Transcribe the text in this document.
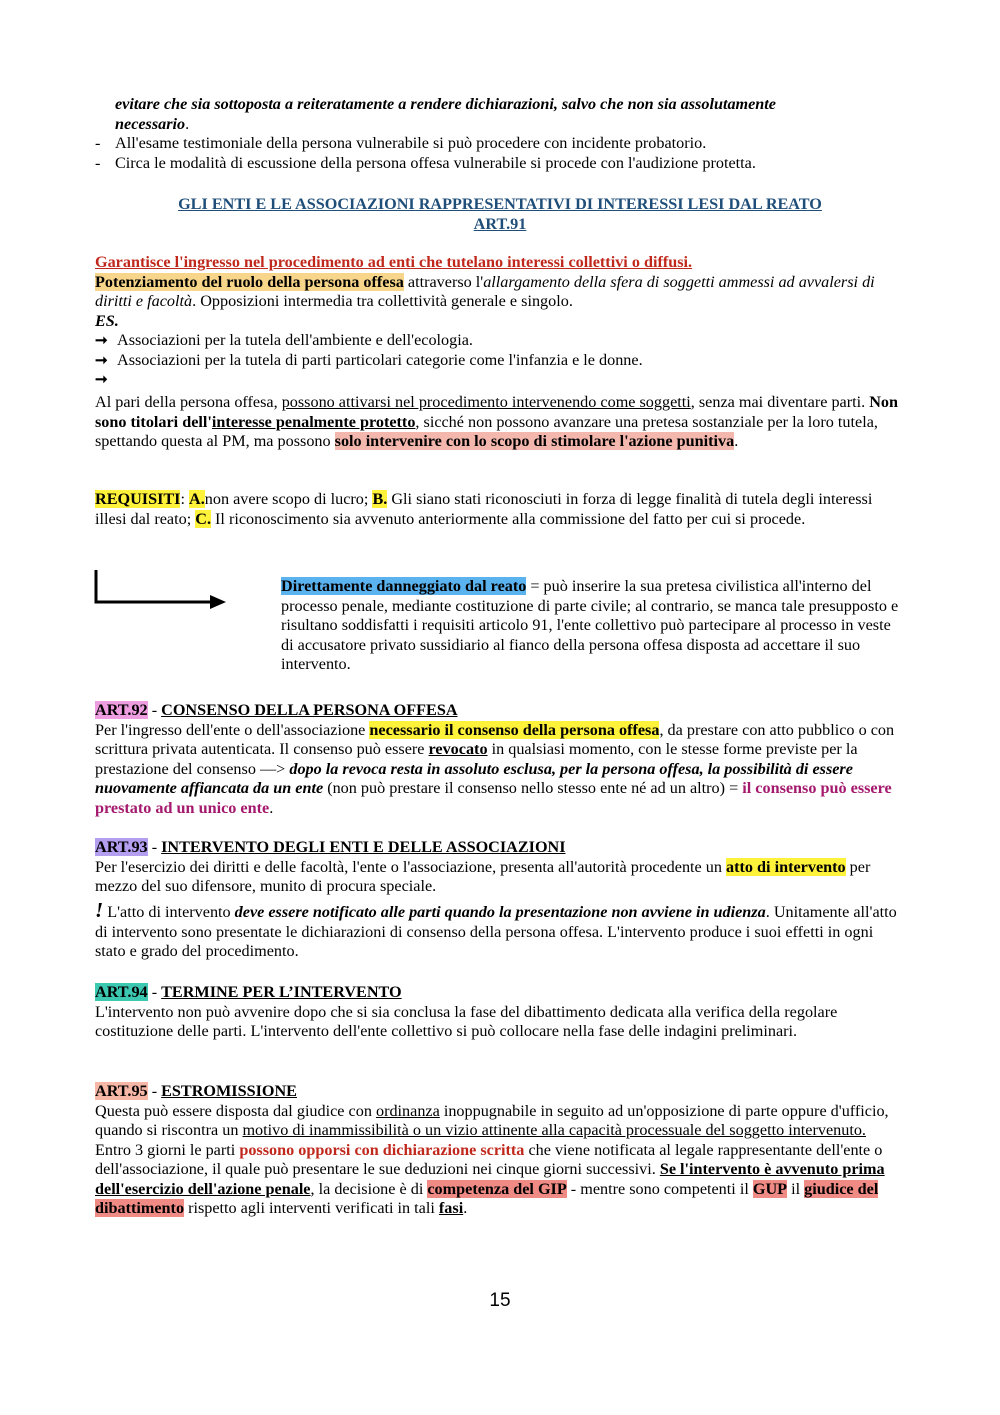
evitare che sia sottoposta a reiteratamente a rendere dichiarazioni, salvo che non sia assolutamente
necessario.
- All'esame testimoniale della persona vulnerabile si può procedere con incidente probatorio.
- Circa le modalità di escussione della persona offesa vulnerabile si procede con l'audizione protetta.
GLI ENTI E LE ASSOCIAZIONI RAPPRESENTATIVI DI INTERESSI LESI DAL REATO
ART.91
Garantisce l'ingresso nel procedimento ad enti che tutelano interessi collettivi o diffusi.
Potenziamento del ruolo della persona offesa attraverso l'allargamento della sfera di soggetti ammessi ad avvalersi di diritti e facoltà. Opposizioni intermedia tra collettività generale e singolo.
ES.
➞ Associazioni per la tutela dell'ambiente e dell'ecologia.
➞ Associazioni per la tutela di parti particolari categorie come l'infanzia e le donne.
➞
Al pari della persona offesa, possono attivarsi nel procedimento intervenendo come soggetti, senza mai diventare parti. Non sono titolari dell'interesse penalmente protetto, sicché non possono avanzare una pretesa sostanziale per la loro tutela, spettando questa al PM, ma possono solo intervenire con lo scopo di stimolare l'azione punitiva.
REQUISITI: A.non avere scopo di lucro; B. Gli siano stati riconosciuti in forza di legge finalità di tutela degli interessi illesi dal reato; C. Il riconoscimento sia avvenuto anteriormente alla commissione del fatto per cui si procede.
Direttamente danneggiato dal reato = può inserire la sua pretesa civilistica all'interno del processo penale, mediante costituzione di parte civile; al contrario, se manca tale presupposto e risultano soddisfatti i requisiti articolo 91, l'ente collettivo può partecipare al processo in veste di accusatore privato sussidiario al fianco della persona offesa disposta ad accettare il suo intervento.
ART.92 - CONSENSO DELLA PERSONA OFFESA
Per l'ingresso dell'ente o dell'associazione necessario il consenso della persona offesa, da prestare con atto pubblico o con scrittura privata autenticata. Il consenso può essere revocato in qualsiasi momento, con le stesse forme previste per la prestazione del consenso —> dopo la revoca resta in assoluto esclusa, per la persona offesa, la possibilità di essere nuovamente affiancata da un ente (non può prestare il consenso nello stesso ente né ad un altro) = il consenso può essere prestato ad un unico ente.
ART.93 - INTERVENTO DEGLI ENTI E DELLE ASSOCIAZIONI
Per l'esercizio dei diritti e delle facoltà, l'ente o l'associazione, presenta all'autorità procedente un atto di intervento per mezzo del suo difensore, munito di procura speciale.
! L'atto di intervento deve essere notificato alle parti quando la presentazione non avviene in udienza. Unitamente all'atto di intervento sono presentate le dichiarazioni di consenso della persona offesa. L'intervento produce i suoi effetti in ogni stato e grado del procedimento.
ART.94 - TERMINE PER L’INTERVENTO
L'intervento non può avvenire dopo che si sia conclusa la fase del dibattimento dedicata alla verifica della regolare costituzione delle parti. L'intervento dell'ente collettivo si può collocare nella fase delle indagini preliminari.
ART.95 - ESTROMISSIONE
Questa può essere disposta dal giudice con ordinanza inoppugnabile in seguito ad un'opposizione di parte oppure d'ufficio, quando si riscontra un motivo di inammissibilità o un vizio attinente alla capacità processuale del soggetto intervenuto.
Entro 3 giorni le parti possono opporsi con dichiarazione scritta che viene notificata al legale rappresentante dell'ente o dell'associazione, il quale può presentare le sue deduzioni nei cinque giorni successivi. Se l'intervento è avvenuto prima dell'esercizio dell'azione penale, la decisione è di competenza del GIP - mentre sono competenti il GUP il giudice del dibattimento rispetto agli interventi verificati in tali fasi.
15
